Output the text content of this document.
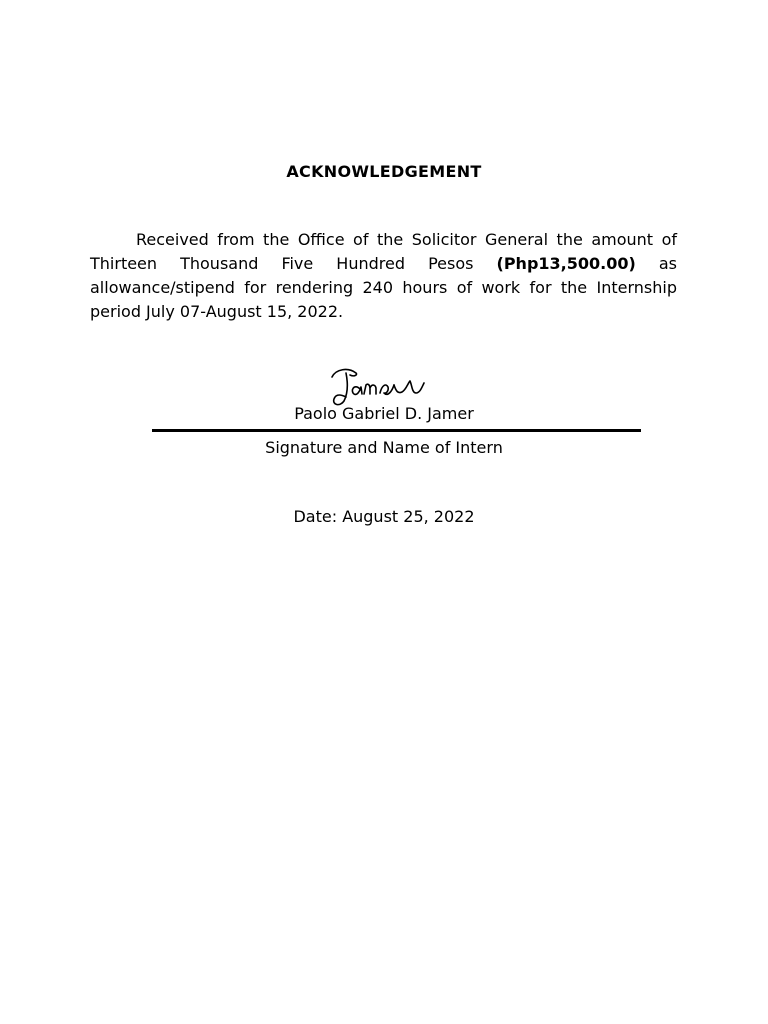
ACKNOWLEDGEMENT

Received from the Office of the Solicitor General the amount of Thirteen Thousand Five Hundred Pesos (Php13,500.00) as allowance/stipend for rendering 240 hours of work for the Internship period July 07-August 15, 2022.

Paolo Gabriel D. Jamer
Signature and Name of Intern
Date: August 25, 2022
